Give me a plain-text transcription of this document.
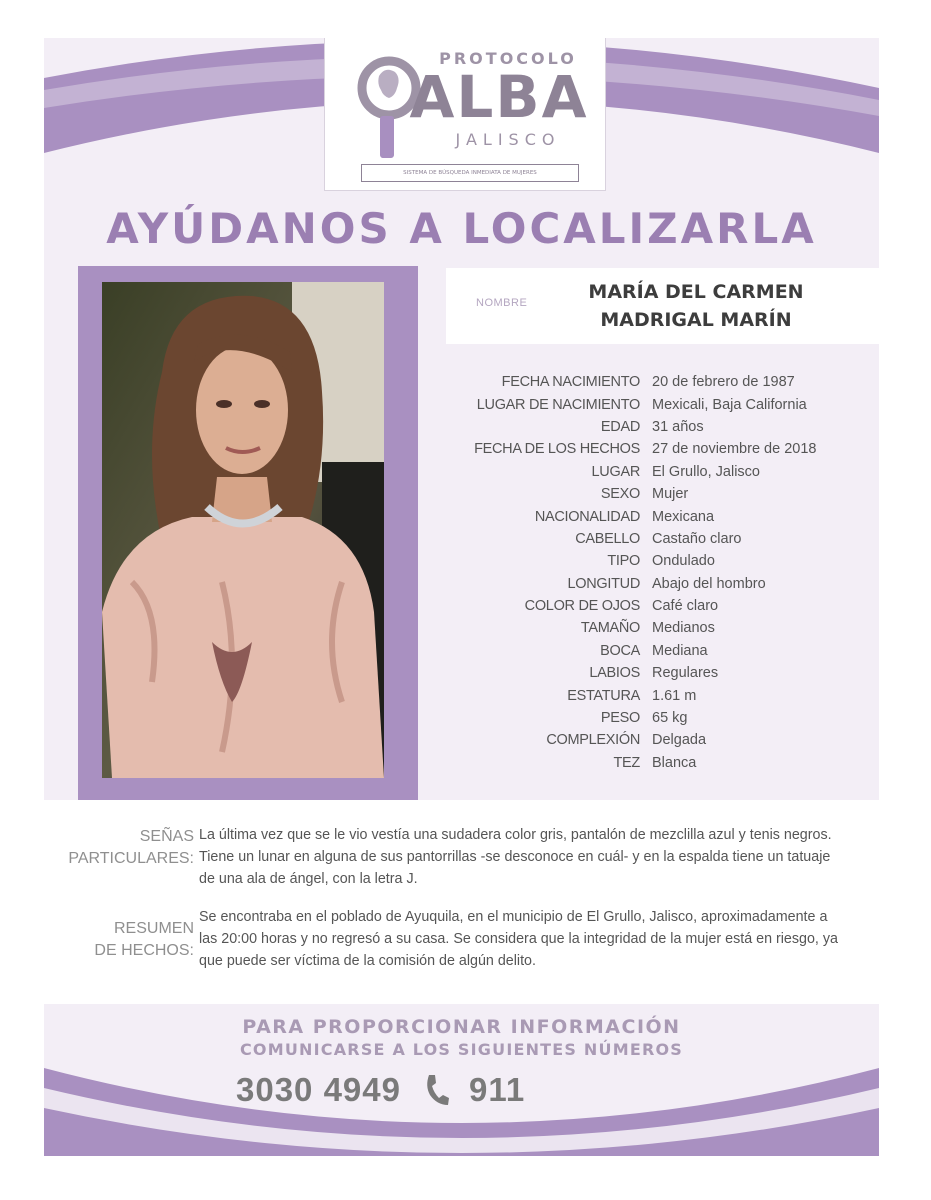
PROTOCOLO
ALBA
JALISCO
SISTEMA DE BÚSQUEDA INMEDIATA DE MUJERES
AYÚDANOS A LOCALIZARLA
NOMBRE	MARÍA DEL CARMEN
MADRIGAL MARÍN
FECHA NACIMIENTO 20 de febrero de 1987
LUGAR DE NACIMIENTO Mexicali, Baja California
EDAD 31 años
FECHA DE LOS HECHOS 27 de noviembre de 2018
LUGAR El Grullo, Jalisco
SEXO Mujer
NACIONALIDAD Mexicana
CABELLO Castaño claro
TIPO Ondulado
LONGITUD Abajo del hombro
COLOR DE OJOS Café claro
TAMAÑO Medianos
BOCA Mediana
LABIOS Regulares
ESTATURA 1.61 m
PESO 65 kg
COMPLEXIÓN Delgada
TEZ Blanca
SEÑAS
PARTICULARES:
La última vez que se le vio vestía una sudadera color gris, pantalón de mezclilla azul y tenis negros. Tiene un lunar en alguna de sus pantorrillas -se desconoce en cuál- y en la espalda tiene un tatuaje de una ala de ángel, con la letra J.
RESUMEN
DE HECHOS:
Se encontraba en el poblado de Ayuquila, en el municipio de El Grullo, Jalisco, aproximadamente a las 20:00 horas y no regresó a su casa. Se considera que la integridad de la mujer está en riesgo, ya que puede ser víctima de la comisión de algún delito.
PARA PROPORCIONAR INFORMACIÓN
COMUNICARSE A LOS SIGUIENTES NÚMEROS
3030 4949 911
